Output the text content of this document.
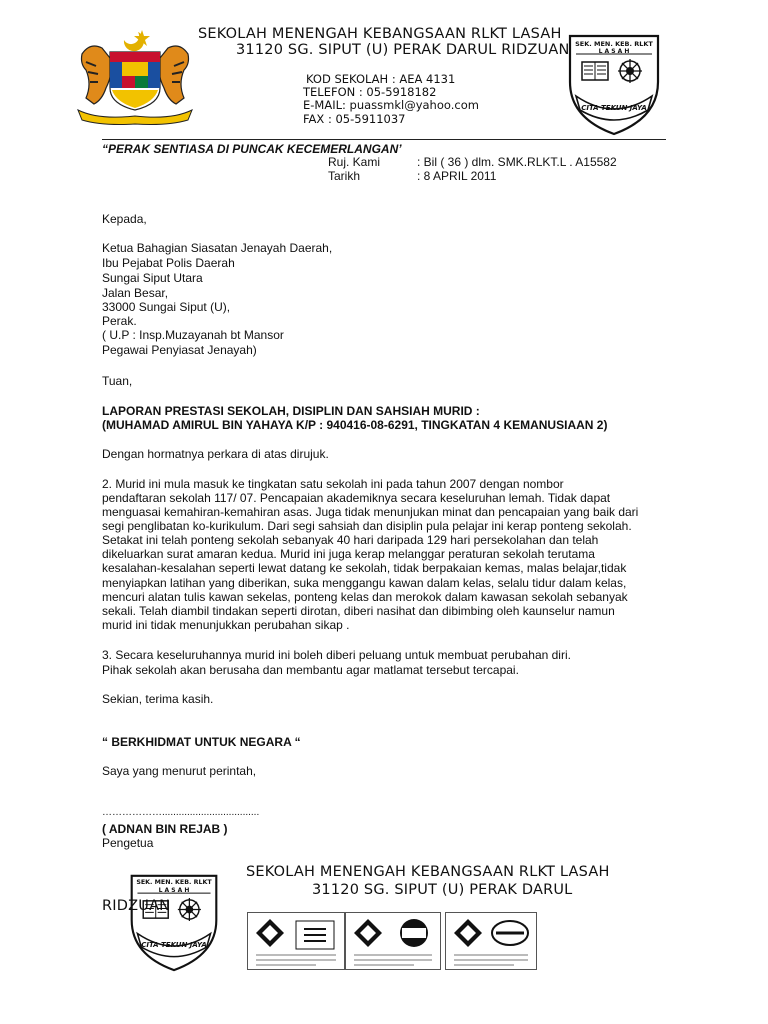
SEKOLAH MENENGAH KEBANGSAAN RLKT LASAH
31120 SG. SIPUT (U) PERAK DARUL RIDZUAN
KOD SEKOLAH : AEA 4131
TELEFON : 05-5918182
E-MAIL: puassmkl@yahoo.com
FAX : 05-5911037
SEK. MEN. KEB. RLKT
L A S A H
CITA TEKUN JAYA
“PERAK SENTIASA DI PUNCAK KECEMERLANGAN’
Ruj. Kami	: Bil ( 36 ) dlm. SMK.RLKT.L . A15582
Tarikh	: 8 APRIL 2011
Kepada,
Ketua Bahagian Siasatan Jenayah Daerah,
Ibu Pejabat Polis Daerah
Sungai Siput Utara
Jalan Besar,
33000 Sungai Siput (U),
Perak.
( U.P : Insp.Muzayanah bt Mansor
Pegawai Penyiasat Jenayah)
Tuan,
LAPORAN PRESTASI SEKOLAH, DISIPLIN DAN SAHSIAH MURID :
(MUHAMAD AMIRUL BIN YAHAYA K/P : 940416-08-6291, TINGKATAN 4 KEMANUSIAAN 2)
Dengan hormatnya perkara di atas dirujuk.
2. Murid ini mula masuk ke tingkatan satu sekolah ini pada tahun 2007 dengan nombor
pendaftaran sekolah 117/ 07. Pencapaian akademiknya secara keseluruhan lemah. Tidak dapat
menguasai kemahiran-kemahiran asas. Juga tidak menunjukan minat dan pencapaian yang baik dari
segi penglibatan ko-kurikulum. Dari segi sahsiah dan disiplin pula pelajar ini kerap ponteng sekolah.
Setakat ini telah ponteng sekolah sebanyak 40 hari daripada 129 hari persekolahan dan telah
dikeluarkan surat amaran kedua. Murid ini juga kerap melanggar peraturan sekolah terutama
kesalahan-kesalahan seperti lewat datang ke sekolah, tidak berpakaian kemas, malas belajar,tidak
menyiapkan latihan yang diberikan, suka menggangu kawan dalam kelas, selalu tidur dalam kelas,
mencuri alatan tulis kawan sekelas, ponteng kelas dan merokok dalam kawasan sekolah sebanyak
sekali. Telah diambil tindakan seperti dirotan, diberi nasihat dan dibimbing oleh kaunselur namun
murid ini tidak menunjukkan perubahan sikap .
3. Secara keseluruhannya murid ini boleh diberi peluang untuk membuat perubahan diri.
Pihak sekolah akan berusaha dan membantu agar matlamat tersebut tercapai.
Sekian, terima kasih.
“ BERKHIDMAT UNTUK NEGARA “
Saya yang menurut perintah,
………………...................................
( ADNAN BIN REJAB )
Pengetua
SEK. MEN. KEB. RLKT
L A S A H
CITA TEKUN JAYA
SEKOLAH MENENGAH KEBANGSAAN RLKT LASAH
31120 SG. SIPUT (U) PERAK DARUL
RIDZUAN
